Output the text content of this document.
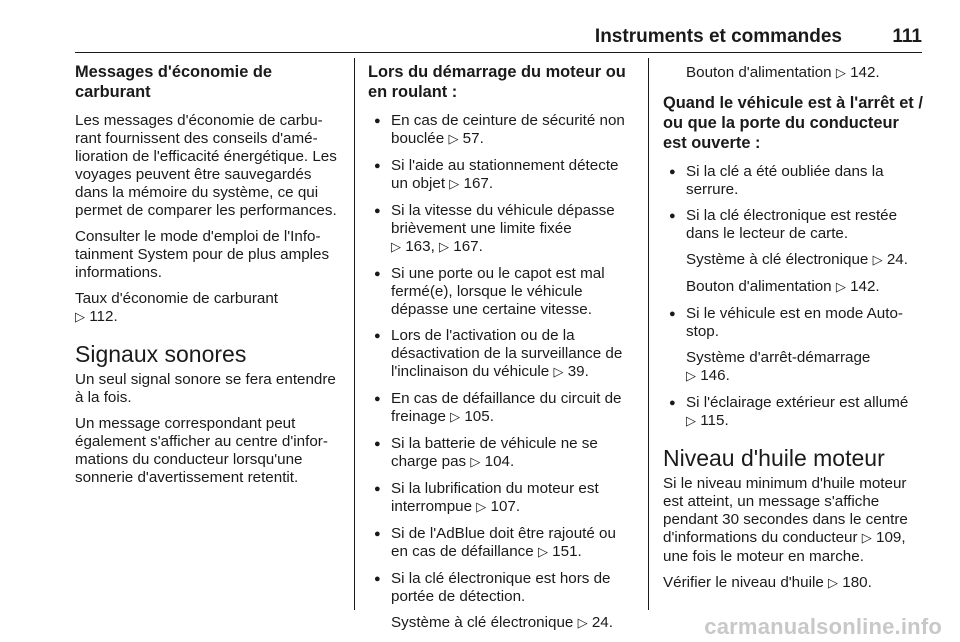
Instruments et commandes	111
Messages d'économie de carburant

Les messages d'économie de carburant fournissent des conseils d'amélioration de l'efficacité énergétique. Les voyages peuvent être sauvegardés dans la mémoire du système, ce qui permet de comparer les performances.

Consulter le mode d'emploi de l'Infotainment System pour de plus amples informations.

Taux d'économie de carburant
▷ 112.

Signaux sonores

Un seul signal sonore se fera entendre à la fois.

Un message correspondant peut également s'afficher au centre d'informations du conducteur lorsqu'une sonnerie d'avertissement retentit.

Lors du démarrage du moteur ou en roulant :
● En cas de ceinture de sécurité non bouclée ▷ 57.
● Si l'aide au stationnement détecte un objet ▷ 167.
● Si la vitesse du véhicule dépasse brièvement une limite fixée
▷ 163, ▷ 167.
● Si une porte ou le capot est mal fermé(e), lorsque le véhicule dépasse une certaine vitesse.
● Lors de l'activation ou de la désactivation de la surveillance de l'inclinaison du véhicule ▷ 39.
● En cas de défaillance du circuit de freinage ▷ 105.
● Si la batterie de véhicule ne se charge pas ▷ 104.
● Si la lubrification du moteur est interrompue ▷ 107.
● Si de l'AdBlue doit être rajouté ou en cas de défaillance ▷ 151.
● Si la clé électronique est hors de portée de détection.
Système à clé électronique ▷ 24.
Bouton d'alimentation ▷ 142.
Quand le véhicule est à l'arrêt et / ou que la porte du conducteur est ouverte :
● Si la clé a été oubliée dans la serrure.
● Si la clé électronique est restée dans le lecteur de carte.
Système à clé électronique ▷ 24.
Bouton d'alimentation ▷ 142.
● Si le véhicule est en mode Auto-stop.
Système d'arrêt-démarrage
▷ 146.
● Si l'éclairage extérieur est allumé
▷ 115.
Niveau d'huile moteur

Si le niveau minimum d'huile moteur est atteint, un message s'affiche pendant 30 secondes dans le centre d'informations du conducteur ▷ 109, une fois le moteur en marche.

Vérifier le niveau d'huile ▷ 180.

carmanualsonline.info
